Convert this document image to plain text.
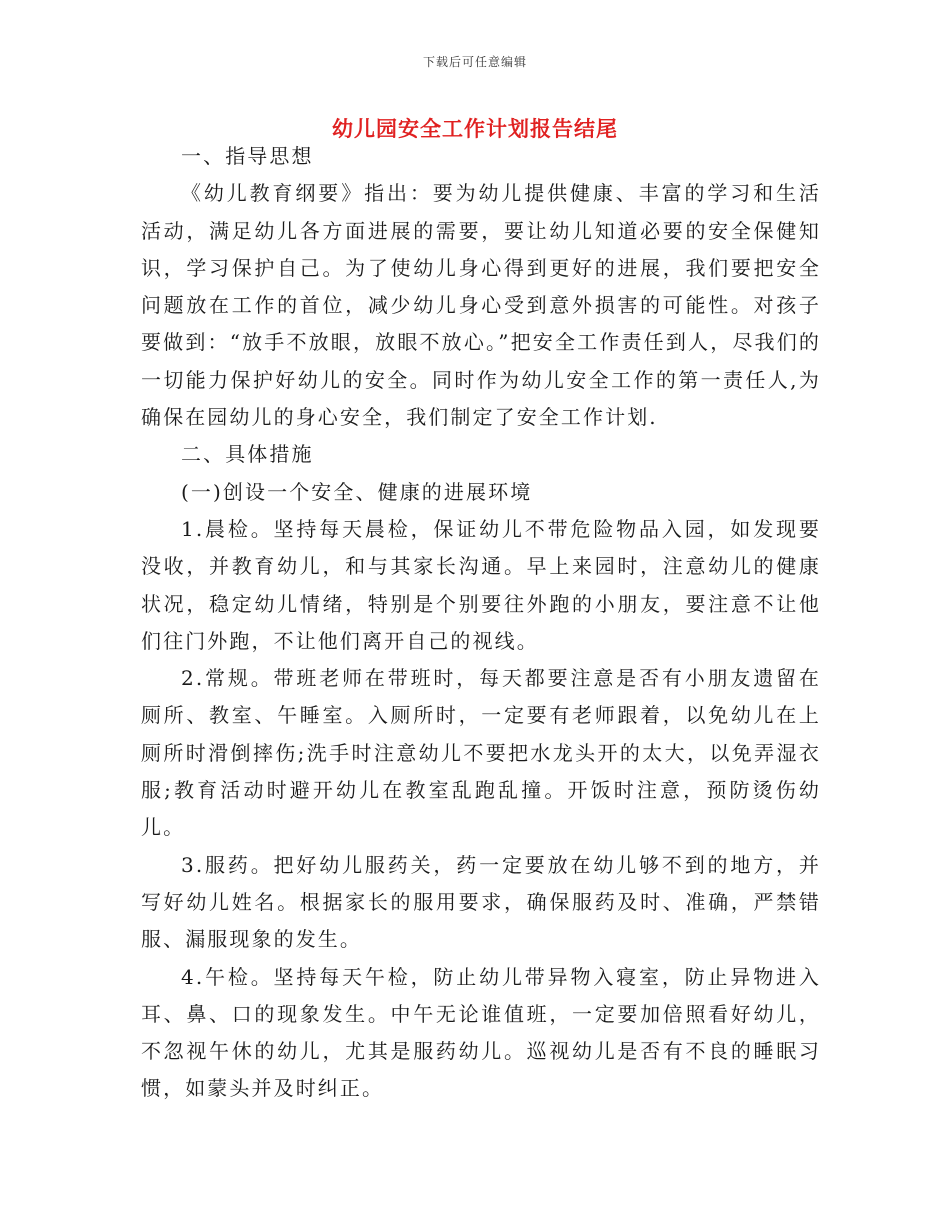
下载后可任意编辑
幼儿园安全工作计划报告结尾

一、指导思想

《幼儿教育纲要》指出：要为幼儿提供健康、丰富的学习和生活活动，满足幼儿各方面进展的需要，要让幼儿知道必要的安全保健知识，学习保护自己。为了使幼儿身心得到更好的进展，我们要把安全问题放在工作的首位，减少幼儿身心受到意外损害的可能性。对孩子要做到：“放手不放眼，放眼不放心。”把安全工作责任到人，尽我们的一切能力保护好幼儿的安全。同时作为幼儿安全工作的第一责任人,为确保在园幼儿的身心安全，我们制定了安全工作计划.

二、具体措施

(一)创设一个安全、健康的进展环境

1.晨检。坚持每天晨检，保证幼儿不带危险物品入园，如发现要没收，并教育幼儿，和与其家长沟通。早上来园时，注意幼儿的健康状况，稳定幼儿情绪，特别是个别要往外跑的小朋友，要注意不让他们往门外跑，不让他们离开自己的视线。

2.常规。带班老师在带班时，每天都要注意是否有小朋友遗留在厕所、教室、午睡室。入厕所时，一定要有老师跟着，以免幼儿在上厕所时滑倒摔伤;洗手时注意幼儿不要把水龙头开的太大，以免弄湿衣服;教育活动时避开幼儿在教室乱跑乱撞。开饭时注意，预防烫伤幼儿。

3.服药。把好幼儿服药关，药一定要放在幼儿够不到的地方，并写好幼儿姓名。根据家长的服用要求，确保服药及时、准确，严禁错服、漏服现象的发生。

4.午检。坚持每天午检，防止幼儿带异物入寝室，防止异物进入耳、鼻、口的现象发生。中午无论谁值班，一定要加倍照看好幼儿，不忽视午休的幼儿，尤其是服药幼儿。巡视幼儿是否有不良的睡眠习惯，如蒙头并及时纠正。
